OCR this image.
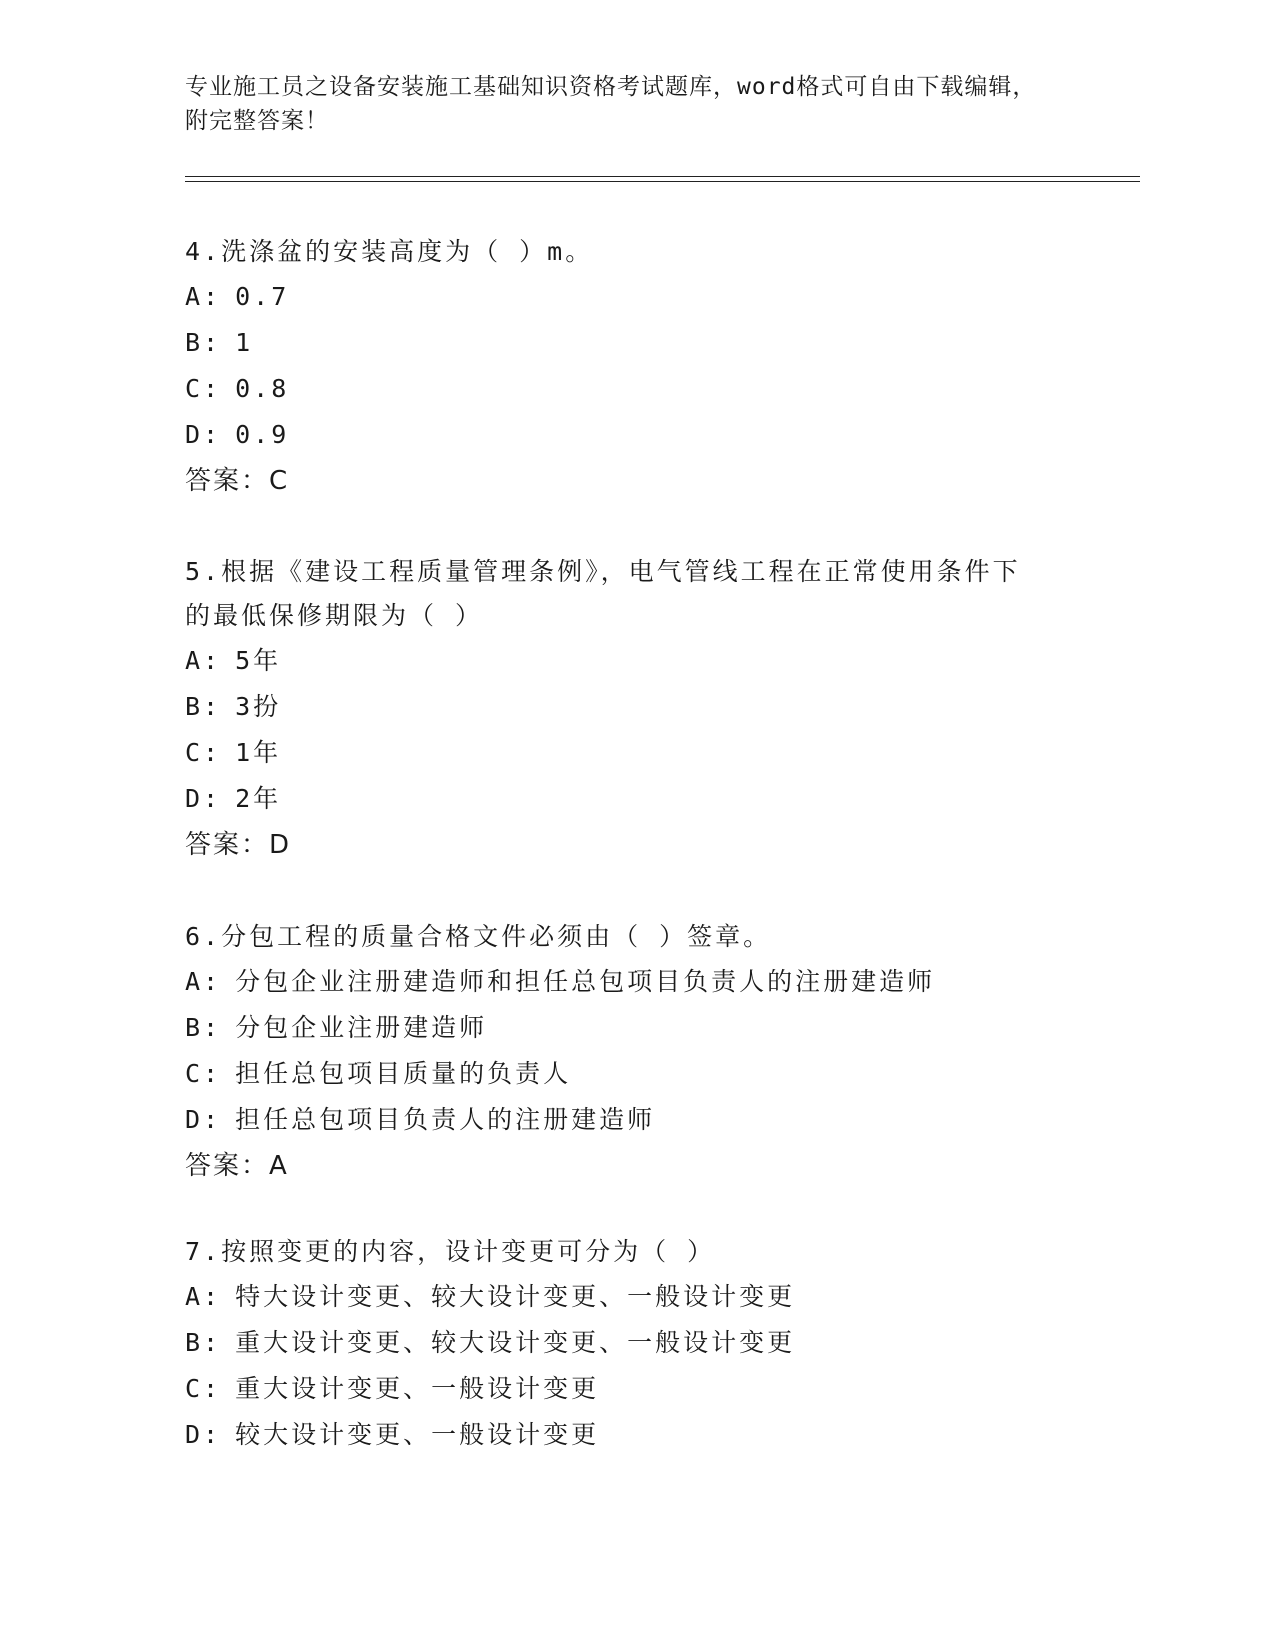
专业施工员之设备安装施工基础知识资格考试题库，word格式可自由下载编辑，
附完整答案！
4.洗涤盆的安装高度为（ ）m。
A: 0.7
B: 1
C: 0.8
D: 0.9
答案：C
5.根据《建设工程质量管理条例》，电气管线工程在正常使用条件下
的最低保修期限为（ ）
A: 5年
B: 3扮
C: 1年
D: 2年
答案：D
6.分包工程的质量合格文件必须由（ ）签章。
A: 分包企业注册建造师和担任总包项目负责人的注册建造师
B: 分包企业注册建造师
C: 担任总包项目质量的负责人
D: 担任总包项目负责人的注册建造师
答案：A
7.按照变更的内容，设计变更可分为（ ）
A: 特大设计变更、较大设计变更、一般设计变更
B: 重大设计变更、较大设计变更、一般设计变更
C: 重大设计变更、一般设计变更
D: 较大设计变更、一般设计变更
